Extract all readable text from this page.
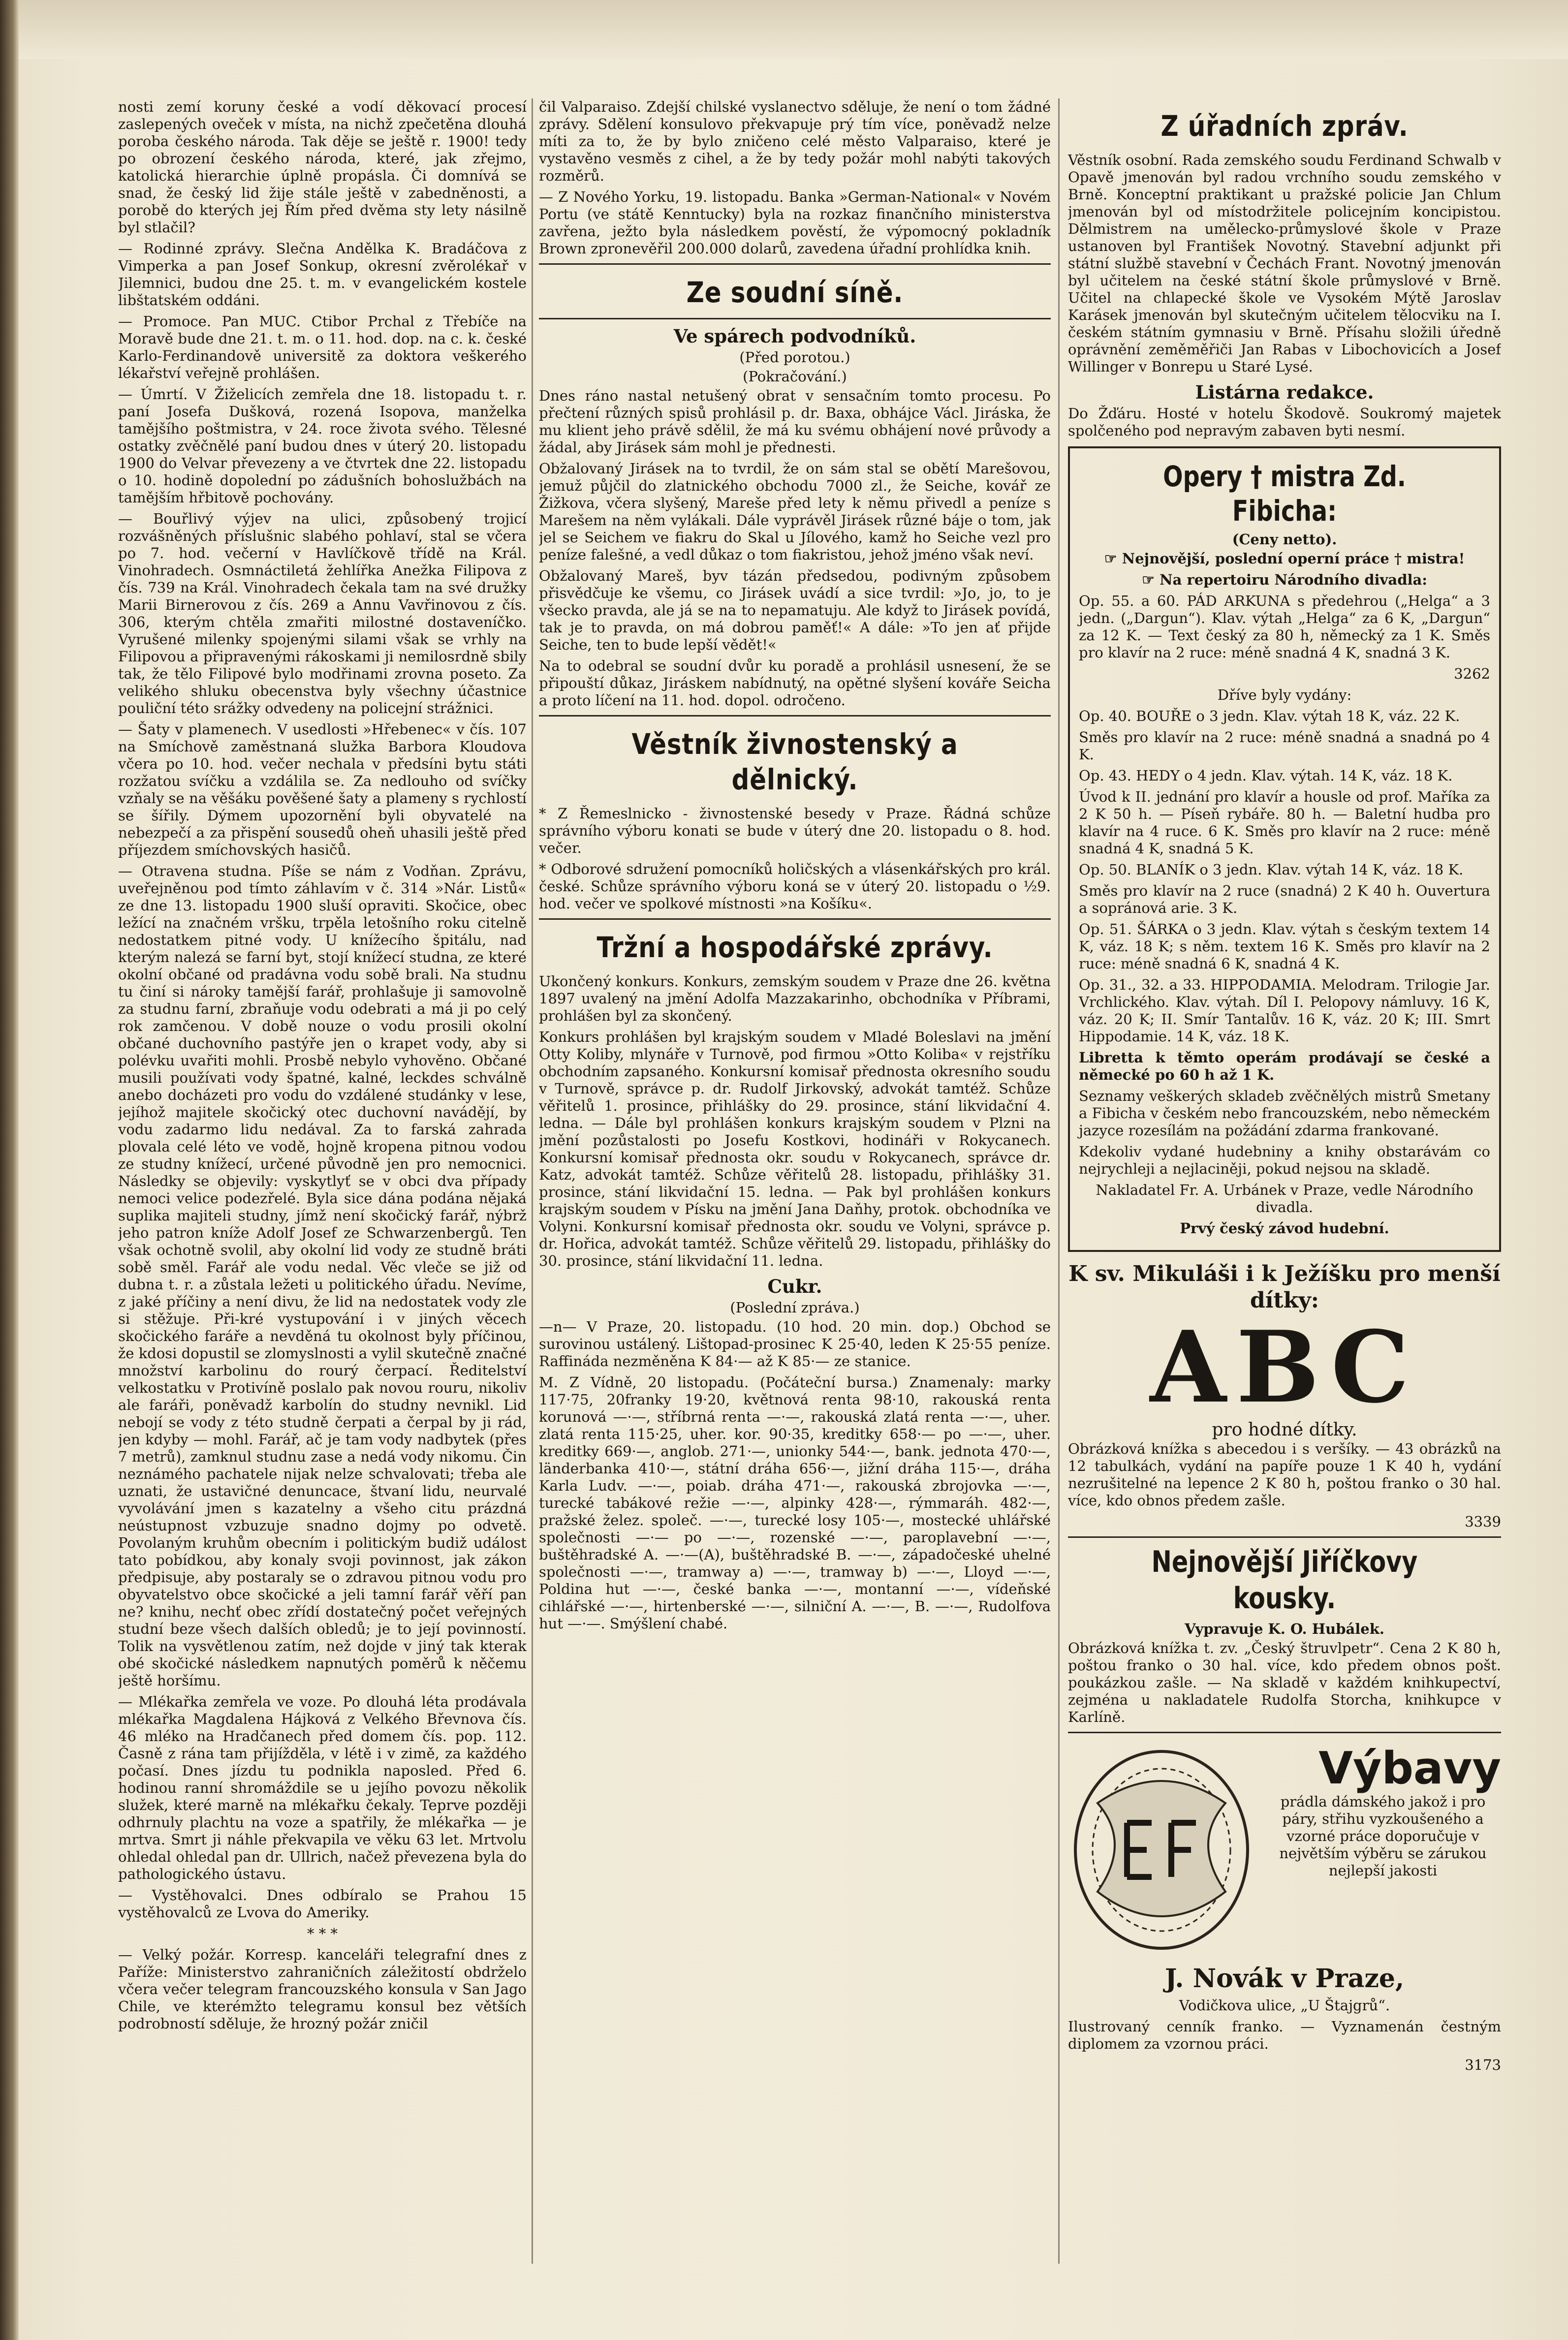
nosti zemí koruny české a vodí děkovací procesí zaslepených oveček v místa, na nichž zpečetěna dlouhá poroba českého národa. Tak děje se ještě r. 1900! tedy po obrození českého národa, které, jak zřejmo, katolická hierarchie úplně propásla. Či domnívá se snad, že český lid žije stále ještě v zabedněnosti, a porobě do kterých jej Řím před dvěma sty lety násilně byl stlačil?

— Rodinné zprávy. Slečna Andělka K. Bradáčova z Vimperka a pan Josef Sonkup, okresní zvěrolékař v Jilemnici, budou dne 25. t. m. v evangelickém kostele libštatském oddáni.

— Promoce. Pan MUC. Ctibor Prchal z Třebíče na Moravě bude dne 21. t. m. o 11. hod. dop. na c. k. české Karlo-Ferdinandově universitě za doktora veškerého lékařství veřejně prohlášen.

— Úmrtí. V Žiželicích zemřela dne 18. listopadu t. r. paní Josefa Dušková, rozená Isopova, manželka tamějšího poštmistra, v 24. roce života svého. Tělesné ostatky zvěčnělé paní budou dnes v úterý 20. listopadu 1900 do Velvar převezeny a ve čtvrtek dne 22. listopadu o 10. hodině dopolední po zádušních bohoslužbách na tamějším hřbitově pochovány.

— Bouřlivý výjev na ulici, způsobený trojicí rozvášněných příslušnic slabého pohlaví, stal se včera po 7. hod. večerní v Havlíčkově třídě na Král. Vinohradech. Osmnáctiletá žehlířka Anežka Filipova z čís. 739 na Král. Vinohradech čekala tam na své družky Marii Birnerovou z čís. 269 a Annu Vavřinovou z čís. 306, kterým chtěla zmařiti milostné dostaveníčko. Vyrušené milenky spojenými silami však se vrhly na Filipovou a připravenými rákoskami ji nemilosrdně sbily tak, že tělo Filipové bylo modřinami zrovna poseto. Za velikého shluku obecenstva byly všechny účastnice pouliční této srážky odvedeny na policejní strážnici.

— Šaty v plamenech. V usedlosti »Hřebenec« v čís. 107 na Smíchově zaměstnaná služka Barbora Kloudova včera po 10. hod. večer nechala v předsíni bytu státi rozžatou svíčku a vzdálila se. Za nedlouho od svíčky vzňaly se na věšáku pověšené šaty a plameny s rychlostí se šířily. Dýmem upozornění byli obyvatelé na nebezpečí a za přispění sousedů oheň uhasili ještě před příjezdem smíchovských hasičů.

— Otravena studna. Píše se nám z Vodňan. Zprávu, uveřejněnou pod tímto záhlavím v č. 314 »Nár. Listů« ze dne 13. listopadu 1900 sluší opraviti. Skočice, obec ležící na značném vršku, trpěla letošního roku citelně nedostatkem pitné vody. U knížecího špitálu, nad kterým nalezá se farní byt, stojí knížecí studna, ze které okolní občané od pradávna vodu sobě brali. Na studnu tu činí si nároky tamější farář, prohlašuje ji samovolně za studnu farní, zbraňuje vodu odebrati a má ji po celý rok zamčenou. V době nouze o vodu prosili okolní občané duchovního pastýře jen o krapet vody, aby si polévku uvařiti mohli. Prosbě nebylo vyhověno. Občané musili používati vody špatné, kalné, leckdes schválně anebo docházeti pro vodu do vzdálené studánky v lese, jejíhož majitele skočický otec duchovní navádějí, by vodu zadarmo lidu nedával. Za to farská zahrada plovala celé léto ve vodě, hojně kropena pitnou vodou ze studny knížecí, určené původně jen pro nemocnici. Následky se objevily: vyskytlyť se v obci dva případy nemoci velice podezřelé. Byla sice dána podána nějaká suplika majiteli studny, jímž není skočický farář, nýbrž jeho patron kníže Adolf Josef ze Schwarzenbergů. Ten však ochotně svolil, aby okolní lid vody ze studně bráti sobě směl. Farář ale vodu nedal. Věc vleče se již od dubna t. r. a zůstala ležeti u politického úřadu. Nevíme, z jaké příčiny a není divu, že lid na nedostatek vody zle si stěžuje. Při-kré vystupování i v jiných věcech skočického faráře a nevděná tu okolnost byly příčinou, že kdosi dopustil se zlomyslnosti a vylil skutečně značné množství karbolinu do rourý čerpací. Ředitelství velkostatku v Protivíně poslalo pak novou rouru, nikoliv ale faráři, poněvadž karbolín do studny nevnikl. Lid nebojí se vody z této studně čerpati a čerpal by ji rád, jen kdyby — mohl. Farář, ač je tam vody nadbytek (přes 7 metrů), zamknul studnu zase a nedá vody nikomu. Čin neznámého pachatele nijak nelze schvalovati; třeba ale uznati, že ustavičné denuncace, štvaní lidu, neurvalé vyvolávání jmen s kazatelny a všeho citu prázdná neústupnost vzbuzuje snadno dojmy po odvetě. Povolaným kruhům obecním i politickým budiž událost tato pobídkou, aby konaly svoji povinnost, jak zákon předpisuje, aby postaraly se o zdravou pitnou vodu pro obyvatelstvo obce skočické a jeli tamní farář věří pan ne? knihu, nechť obec zřídí dostatečný počet veřejných studní beze všech dalších obledů; je to její povinností. Tolik na vysvětlenou zatím, než dojde v jiný tak kterak obé skočické následkem napnutých poměrů k něčemu ještě horšímu.

— Mlékařka zemřela ve voze. Po dlouhá léta prodávala mlékařka Magdalena Hájková z Velkého Břevnova čís. 46 mléko na Hradčanech před domem čís. pop. 112. Časně z rána tam přijížděla, v létě i v zimě, za každého počasí. Dnes jízdu tu podnikla naposled. Před 6. hodinou ranní shromáždile se u jejího povozu několik služek, které marně na mlékařku čekaly. Teprve později odhrnuly plachtu na voze a spatřily, že mlékařka — je mrtva. Smrt ji náhle překvapila ve věku 63 let. Mrtvolu ohledal ohledal pan dr. Ullrich, načež převezena byla do pathologického ústavu.

— Vystěhovalci. Dnes odbíralo se Prahou 15 vystěhovalců ze Lvova do Ameriky.

* * *

— Velký požár. Korresp. kanceláři telegrafní dnes z Paříže: Ministerstvo zahraničních záležitostí obdrželo včera večer telegram francouzského konsula v San Jago Chile, ve kterémžto telegramu konsul bez větších podrobností sděluje, že hrozný požár zničil

čil Valparaiso. Zdejší chilské vyslanectvo sděluje, že není o tom žádné zprávy. Sdělení konsulovo překvapuje prý tím více, poněvadž nelze míti za to, že by bylo zničeno celé město Valparaiso, které je vystavěno vesměs z cihel, a že by tedy požár mohl nabýti takových rozměrů.

— Z Nového Yorku, 19. listopadu. Banka »German-National« v Novém Portu (ve státě Kenntucky) byla na rozkaz finančního ministerstva zavřena, ježto byla následkem pověstí, že výpomocný pokladník Brown zpronevěřil 200.000 dolarů, zavedena úřadní prohlídka knih.

Ze soudní síně.
Ve spárech podvodníků.
(Před porotou.)
(Pokračování.)

Dnes ráno nastal netušený obrat v sensačním tomto procesu. Po přečtení různých spisů prohlásil p. dr. Baxa, obhájce Václ. Jiráska, že mu klient jeho právě sdělil, že má ku svému obhájení nové průvody a žádal, aby Jirásek sám mohl je přednesti.

Obžalovaný Jirásek na to tvrdil, že on sám stal se obětí Marešovou, jemuž půjčil do zlatnického obchodu 7000 zl., že Seiche, kovář ze Žižkova, včera slyšený, Mareše před lety k němu přivedl a peníze s Marešem na něm vylákali. Dále vyprávěl Jirásek různé báje o tom, jak jel se Seichem ve fiakru do Skal u Jílového, kamž ho Seiche vezl pro peníze falešné, a vedl důkaz o tom fiakristou, jehož jméno však neví.

Obžalovaný Mareš, byv tázán předsedou, podivným způsobem přisvědčuje ke všemu, co Jirásek uvádí a sice tvrdil: »Jo, jo, to je všecko pravda, ale já se na to nepamatuju. Ale když to Jirásek povídá, tak je to pravda, on má dobrou paměť!« A dále: »To jen ať přijde Seiche, ten to bude lepší vědět!«

Na to odebral se soudní dvůr ku poradě a prohlásil usnesení, že se připouští důkaz, Jiráskem nabídnutý, na opětné slyšení kováře Seicha a proto líčení na 11. hod. dopol. odročeno.

Věstník živnostenský a dělnický.

* Z Řemeslnicko - živnostenské besedy v Praze. Řádná schůze správního výboru konati se bude v úterý dne 20. listopadu o 8. hod. večer.

* Odborové sdružení pomocníků holičských a vlásenkářských pro král. české. Schůze správního výboru koná se v úterý 20. listopadu o ½9. hod. večer ve spolkové místnosti »na Košíku«.

Tržní a hospodářské zprávy.

Ukončený konkurs. Konkurs, zemským soudem v Praze dne 26. května 1897 uvalený na jmění Adolfa Mazzakarinho, obchodníka v Příbrami, prohlášen byl za skončený.

Konkurs prohlášen byl krajským soudem v Mladé Boleslavi na jmění Otty Koliby, mlynáře v Turnově, pod firmou »Otto Koliba« v rejstříku obchodním zapsaného. Konkursní komisař přednosta okresního soudu v Turnově, správce p. dr. Rudolf Jirkovský, advokát tamtéž. Schůze věřitelů 1. prosince, přihlášky do 29. prosince, stání likvidační 4. ledna. — Dále byl prohlášen konkurs krajským soudem v Plzni na jmění pozůstalosti po Josefu Kostkovi, hodináři v Rokycanech. Konkursní komisař přednosta okr. soudu v Rokycanech, správce dr. Katz, advokát tamtéž. Schůze věřitelů 28. listopadu, přihlášky 31. prosince, stání likvidační 15. ledna. — Pak byl prohlášen konkurs krajským soudem v Písku na jmění Jana Daňhy, protok. obchodníka ve Volyni. Konkursní komisař přednosta okr. soudu ve Volyni, správce p. dr. Hořica, advokát tamtéž. Schůze věřitelů 29. listopadu, přihlášky do 30. prosince, stání likvidační 11. ledna.

Cukr.
(Poslední zpráva.)

—n— V Praze, 20. listopadu. (10 hod. 20 min. dop.) Obchod se surovinou ustálený. Lištopad-prosinec K 25·40, leden K 25·55 peníze. Raffináda nezměněna K 84·— až K 85·— ze stanice.

M. Z Vídně, 20 listopadu. (Počáteční bursa.) Znamenaly: marky 117·75, 20franky 19·20, květnová renta 98·10, rakouská renta korunová —·—, stříbrná renta —·—, rakouská zlatá renta —·—, uher. zlatá renta 115·25, uher. kor. 90·35, kreditky 658·— po —·—, uher. kreditky 669·—, anglob. 271·—, unionky 544·—, bank. jednota 470·—, länderbanka 410·—, státní dráha 656·—, jižní dráha 115·—, dráha Karla Ludv. —·—, poiab. dráha 471·—, rakouská zbrojovka —·—, turecké tabákové režie —·—, alpinky 428·—, rýmmaráh. 482·—, pražské želez. společ. —·—, turecké losy 105·—, mostecké uhlářské společnosti —·— po —·—, rozenské —·—, paroplavební —·—, buštěhradské A. —·—(A), buštěhradské B. —·—, západočeské uhelné společnosti —·—, tramway a) —·—, tramway b) —·—, Lloyd —·—, Poldina hut —·—, české banka —·—, montanní —·—, vídeňské cihlářské —·—, hirtenberské —·—, silniční A. —·—, B. —·—, Rudolfova hut —·—. Smýšlení chabé.

Z úřadních zpráv.

Věstník osobní. Rada zemského soudu Ferdinand Schwalb v Opavě jmenován byl radou vrchního soudu zemského v Brně. Konceptní praktikant u pražské policie Jan Chlum jmenován byl od místodržitele policejním koncipistou. Dělmistrem na umělecko-průmyslové škole v Praze ustanoven byl František Novotný. Stavební adjunkt při státní službě stavební v Čechách Frant. Novotný jmenován byl učitelem na české státní škole průmyslové v Brně. Učitel na chlapecké škole ve Vysokém Mýtě Jaroslav Karásek jmenován byl skutečným učitelem tělocviku na I. českém státním gymnasiu v Brně. Přísahu složili úředně oprávnění zeměměřiči Jan Rabas v Libochovicích a Josef Willinger v Bonrepu u Staré Lysé.

Listárna redakce.

Do Žďáru. Hosté v hotelu Škodově. Soukromý majetek spolčeného pod nepravým zabaven byti nesmí.

Opery † mistra Zd. Fibicha:
(Ceny netto).

☞ Nejnovější, poslední operní práce † mistra!

☞ Na repertoiru Národního divadla:

Op. 55. a 60. PÁD ARKUNA s předehrou („Helga“ a 3 jedn. („Dargun“). Klav. výtah „Helga“ za 6 K, „Dargun“ za 12 K. — Text český za 80 h, německý za 1 K. Směs pro klavír na 2 ruce: méně snadná 4 K, snadná 3 K.

3262

Dříve byly vydány:

Op. 40. BOUŘE o 3 jedn. Klav. výtah 18 K, váz. 22 K.

Směs pro klavír na 2 ruce: méně snadná a snadná po 4 K.

Op. 43. HEDY o 4 jedn. Klav. výtah. 14 K, váz. 18 K.

Úvod k II. jednání pro klavír a housle od prof. Maříka za 2 K 50 h. — Píseň rybáře. 80 h. — Baletní hudba pro klavír na 4 ruce. 6 K. Směs pro klavír na 2 ruce: méně snadná 4 K, snadná 5 K.

Op. 50. BLANÍK o 3 jedn. Klav. výtah 14 K, váz. 18 K.

Směs pro klavír na 2 ruce (snadná) 2 K 40 h. Ouvertura a sopránová arie. 3 K.

Op. 51. ŠÁRKA o 3 jedn. Klav. výtah s českým textem 14 K, váz. 18 K; s něm. textem 16 K. Směs pro klavír na 2 ruce: méně snadná 6 K, snadná 4 K.

Op. 31., 32. a 33. HIPPODAMIA. Melodram. Trilogie Jar. Vrchlického. Klav. výtah. Díl I. Pelopovy námluvy. 16 K, váz. 20 K; II. Smír Tantalův. 16 K, váz. 20 K; III. Smrt Hippodamie. 14 K, váz. 18 K.

Libretta k těmto operám prodávají se české a německé po 60 h až 1 K.

Seznamy veškerých skladeb zvěčnělých mistrů Smetany a Fibicha v českém nebo francouzském, nebo německém jazyce rozesílám na požádání zdarma frankované.

Kdekoliv vydané hudebniny a knihy obstarávám co nejrychleji a nejlaciněji, pokud nejsou na skladě.

Nakladatel Fr. A. Urbánek v Praze, vedle Národního divadla.

Prvý český závod hudební.

K sv. Mikuláši i k Ježíšku pro menší dítky:
ABC
pro hodné dítky.

Obrázková knížka s abecedou i s veršíky. — 43 obrázků na 12 tabulkách, vydání na papíře pouze 1 K 40 h, vydání nezrušitelné na lepence 2 K 80 h, poštou franko o 30 hal. více, kdo obnos předem zašle.

3339

Nejnovější Jiříčkovy kousky.
Vypravuje K. O. Hubálek.

Obrázková knížka t. zv. „Český štruvlpetr“. Cena 2 K 80 h, poštou franko o 30 hal. více, kdo předem obnos pošt. poukázkou zašle. — Na skladě v každém knihkupectví, zejména u nakladatele Rudolfa Storcha, knihkupce v Karlíně.

Výbavy

prádla dámského jakož i pro páry, střihu vyzkoušeného a vzorné práce doporučuje v největším výběru se zárukou nejlepší jakosti

J. Novák v Praze,

Vodičkova ulice, „U Štajgrů“.

Ilustrovaný cenník franko. — Vyznamenán čestným diplomem za vzornou práci.

3173
